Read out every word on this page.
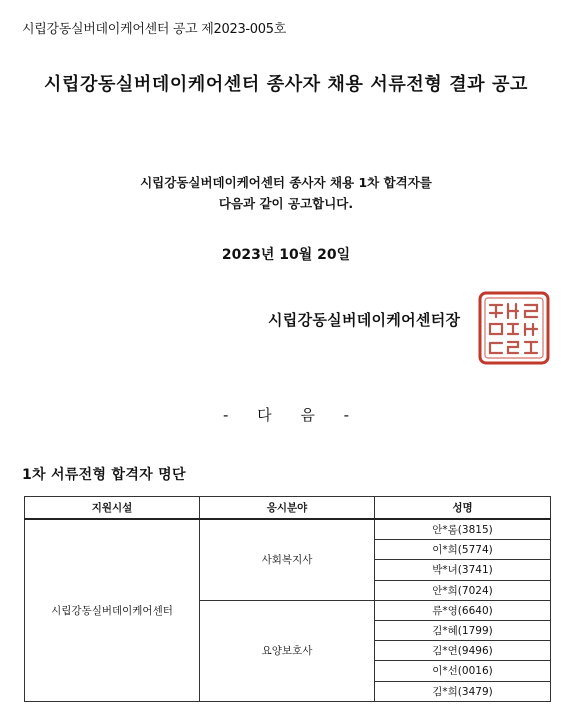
시립강동실버데이케어센터 공고 제2023-005호
시립강동실버데이케어센터 종사자 채용 서류전형 결과 공고
시립강동실버데이케어센터 종사자 채용 1차 합격자를
다음과 같이 공고합니다.
2023년 10월 20일
시립강동실버데이케어센터장
- 다 음 -
1차 서류전형 합격자 명단
지원시설	응시분야	성명
시립강동실버데이케어센터	사회복지사	안*롬(3815)
		이*희(5774)
		박*녀(3741)
		안*희(7024)
	요양보호사	류*영(6640)
		김*혜(1799)
		김*연(9496)
		이*선(0016)
		김*희(3479)
